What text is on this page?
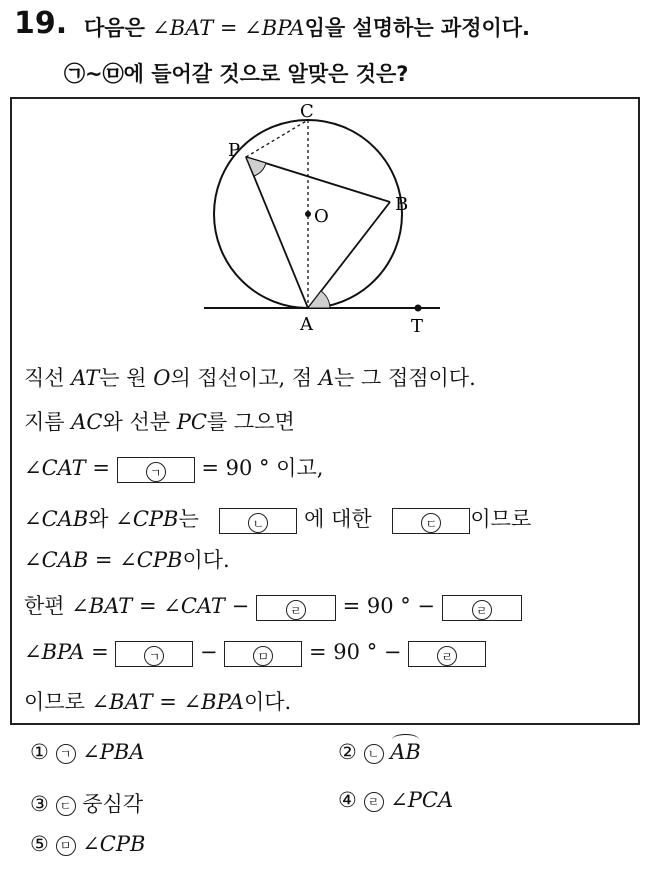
19. 다음은 ∠BAT = ∠BPA임을 설명하는 과정이다.
㉠~㉤에 들어갈 것으로 알맞은 것은?
C
P
B
O
A	T
직선 AT는 원 O의 접선이고, 점 A는 그 접점이다.
지름 AC와 선분 PC를 그으면
∠CAT =	ㄱ = 90 ° 이고,
∠CAB와 ∠CPB는	ㄴ 에 대한	ㄷ 이므로
∠CAB = ∠CPB이다.
한편 ∠BAT = ∠CAT −	ㄹ = 90 ° −	ㄹ
∠BPA =	ㄱ −	ㅁ = 90 ° −	ㄹ
이므로 ∠BAT = ∠BPA이다.
① ㄱ ∠PBA	② ㄴ AB
③ ㄷ 중심각	④ ㄹ ∠PCA
⑤ ㅁ ∠CPB
